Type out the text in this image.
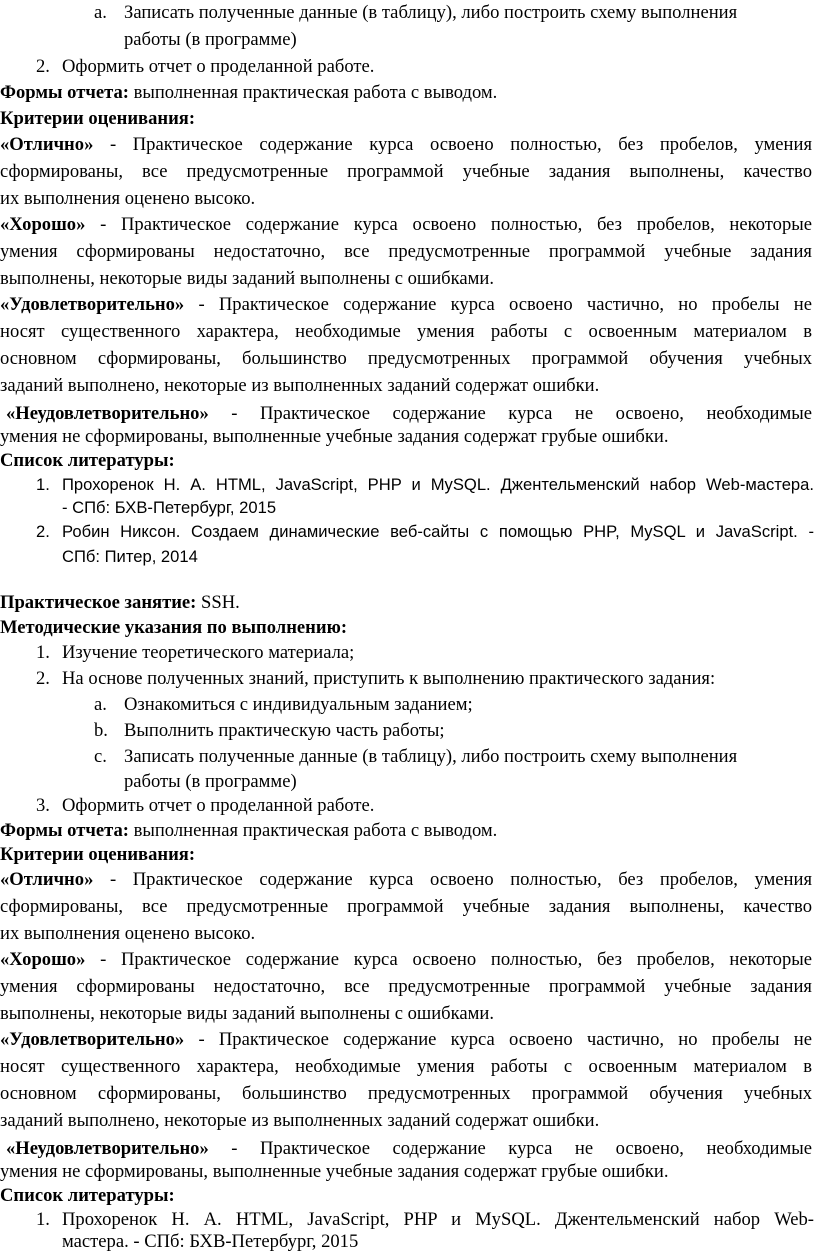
a. Записать полученные данные (в таблицу), либо построить схему выполнения
работы (в программе)
2. Оформить отчет о проделанной работе.
Формы отчета: выполненная практическая работа с выводом.
Критерии оценивания:
«Отлично» - Практическое содержание курса освоено полностью, без пробелов, умения
сформированы, все предусмотренные программой учебные задания выполнены, качество
их выполнения оценено высоко.
«Хорошо» - Практическое содержание курса освоено полностью, без пробелов, некоторые
умения сформированы недостаточно, все предусмотренные программой учебные задания
выполнены, некоторые виды заданий выполнены с ошибками.
«Удовлетворительно» - Практическое содержание курса освоено частично, но пробелы не
носят существенного характера, необходимые умения работы с освоенным материалом в
основном сформированы, большинство предусмотренных программой обучения учебных
заданий выполнено, некоторые из выполненных заданий содержат ошибки.
«Неудовлетворительно» - Практическое содержание курса не освоено, необходимые
умения не сформированы, выполненные учебные задания содержат грубые ошибки.
Список литературы:
1. Прохоренок Н. А. HTML, JavaScript, PHP и MySQL. Джентельменский набор Web-мастера.
- СПб: БХВ-Петербург, 2015
2. Робин Никсон. Создаем динамические веб-сайты с помощью PHP, MySQL и JavaScript. -
СПб: Питер, 2014
Практическое занятие: SSH.
Методические указания по выполнению:
1. Изучение теоретического материала;
2. На основе полученных знаний, приступить к выполнению практического задания:
a. Ознакомиться с индивидуальным заданием;
b. Выполнить практическую часть работы;
c. Записать полученные данные (в таблицу), либо построить схему выполнения
работы (в программе)
3. Оформить отчет о проделанной работе.
Формы отчета: выполненная практическая работа с выводом.
Критерии оценивания:
«Отлично» - Практическое содержание курса освоено полностью, без пробелов, умения
сформированы, все предусмотренные программой учебные задания выполнены, качество
их выполнения оценено высоко.
«Хорошо» - Практическое содержание курса освоено полностью, без пробелов, некоторые
умения сформированы недостаточно, все предусмотренные программой учебные задания
выполнены, некоторые виды заданий выполнены с ошибками.
«Удовлетворительно» - Практическое содержание курса освоено частично, но пробелы не
носят существенного характера, необходимые умения работы с освоенным материалом в
основном сформированы, большинство предусмотренных программой обучения учебных
заданий выполнено, некоторые из выполненных заданий содержат ошибки.
«Неудовлетворительно» - Практическое содержание курса не освоено, необходимые
умения не сформированы, выполненные учебные задания содержат грубые ошибки.
Список литературы:
1. Прохоренок Н. А. HTML, JavaScript, PHP и MySQL. Джентельменский набор Web-
мастера. - СПб: БХВ-Петербург, 2015
